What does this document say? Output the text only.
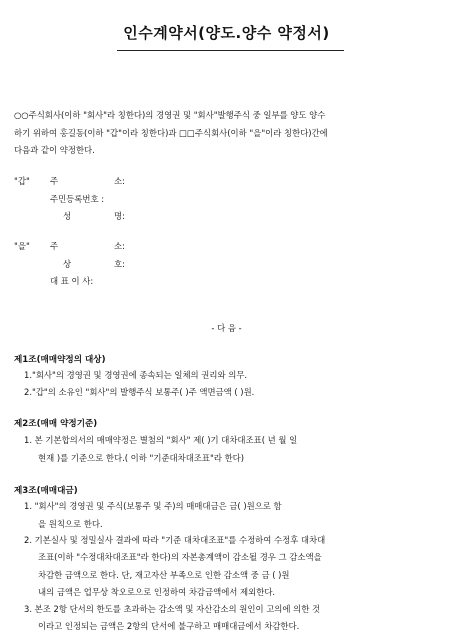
인수계약서(양도.양수 약정서)
○○주식회사(이하 "회사"라 칭한다)의 경영권 및 "회사"발행주식 중 일부를 양도 양수
하기 위하여 홍길동(이하 "갑"이라 칭한다)과 □□주식회사(이하 "을"이라 칭한다)간에
다음과 같이 약정한다.
"갑" 주	소:
주민등록번호 :
성	명:
"을" 주	소:
상	호:
대 표 이 사:
- 다 음 -
제1조(매매약정의 대상)
1."회사"의 경영권 및 경영권에 종속되는 일체의 권리와 의무.
2."갑"의 소유인 "회사"의 발행주식 보통주( )주 액면금액 ( )원.
제2조(매매 약정기준)
1. 본 기본합의서의 매매약정은 별첨의 "회사" 제( )기 대차대조표( 년 월 일
현재 )를 기준으로 한다.( 이하 "기준대차대조표"라 한다)
제3조(매매대금)
1. "회사"의 경영권 및 주식(보통주 및 주)의 매매대금은 금( )원으로 함
을 원칙으로 한다.
2. 기본실사 및 정밀실사 결과에 따라 "기준 대차대조표"를 수정하여 수정후 대차대
조표(이하 "수정대차대조표"라 한다)의 자본총계액이 감소될 경우 그 감소액을
차감한 금액으로 한다. 단, 재고자산 부족으로 인한 감소액 중 금 ( )원
내의 금액은 업무상 착오로으로 인정하여 차감금액에서 제외한다.
3. 본조 2항 단서의 한도를 초과하는 감소액 및 자산감소의 원인이 고의에 의한 것
이라고 인정되는 금액은 2항의 단서에 불구하고 매매대금에서 차감한다.
